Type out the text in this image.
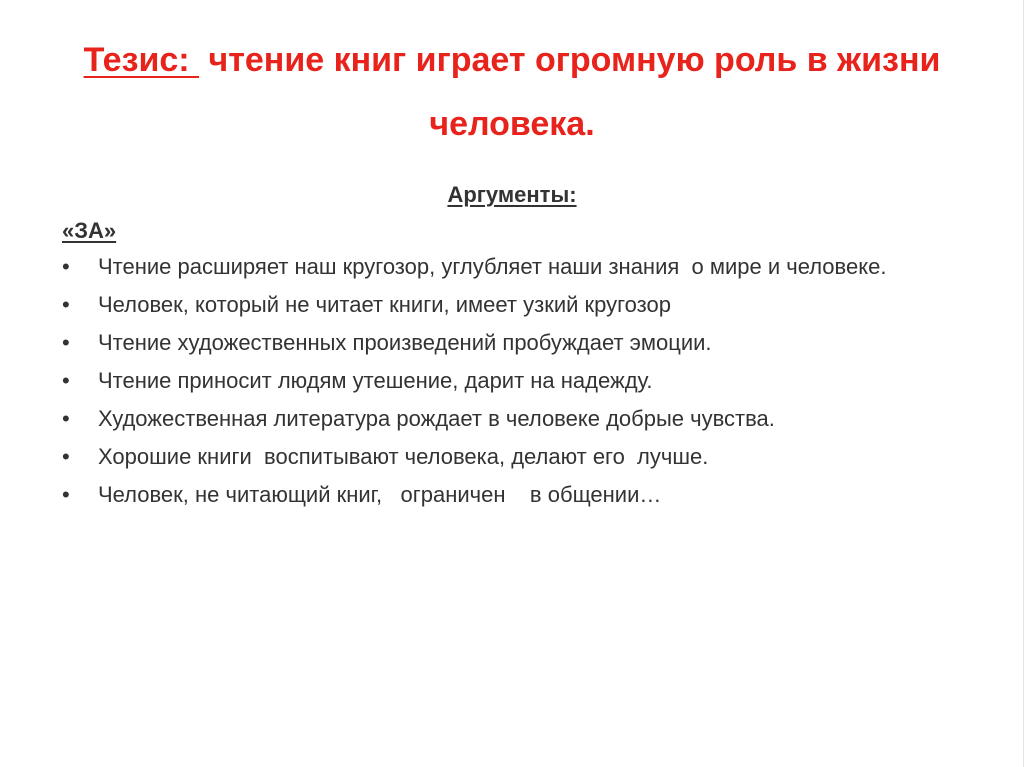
Тезис:  чтение книг играет огромную роль в жизни человека.
Аргументы:
«ЗА»
• Чтение расширяет наш кругозор, углубляет наши знания  о мире и человеке.
• Человек, который не читает книги, имеет узкий кругозор
• Чтение художественных произведений пробуждает эмоции.
• Чтение приносит людям утешение, дарит на надежду.
• Художественная литература рождает в человеке добрые чувства.
• Хорошие книги  воспитывают человека, делают его  лучше.
• Человек, не читающий книг,   ограничен    в общении…
